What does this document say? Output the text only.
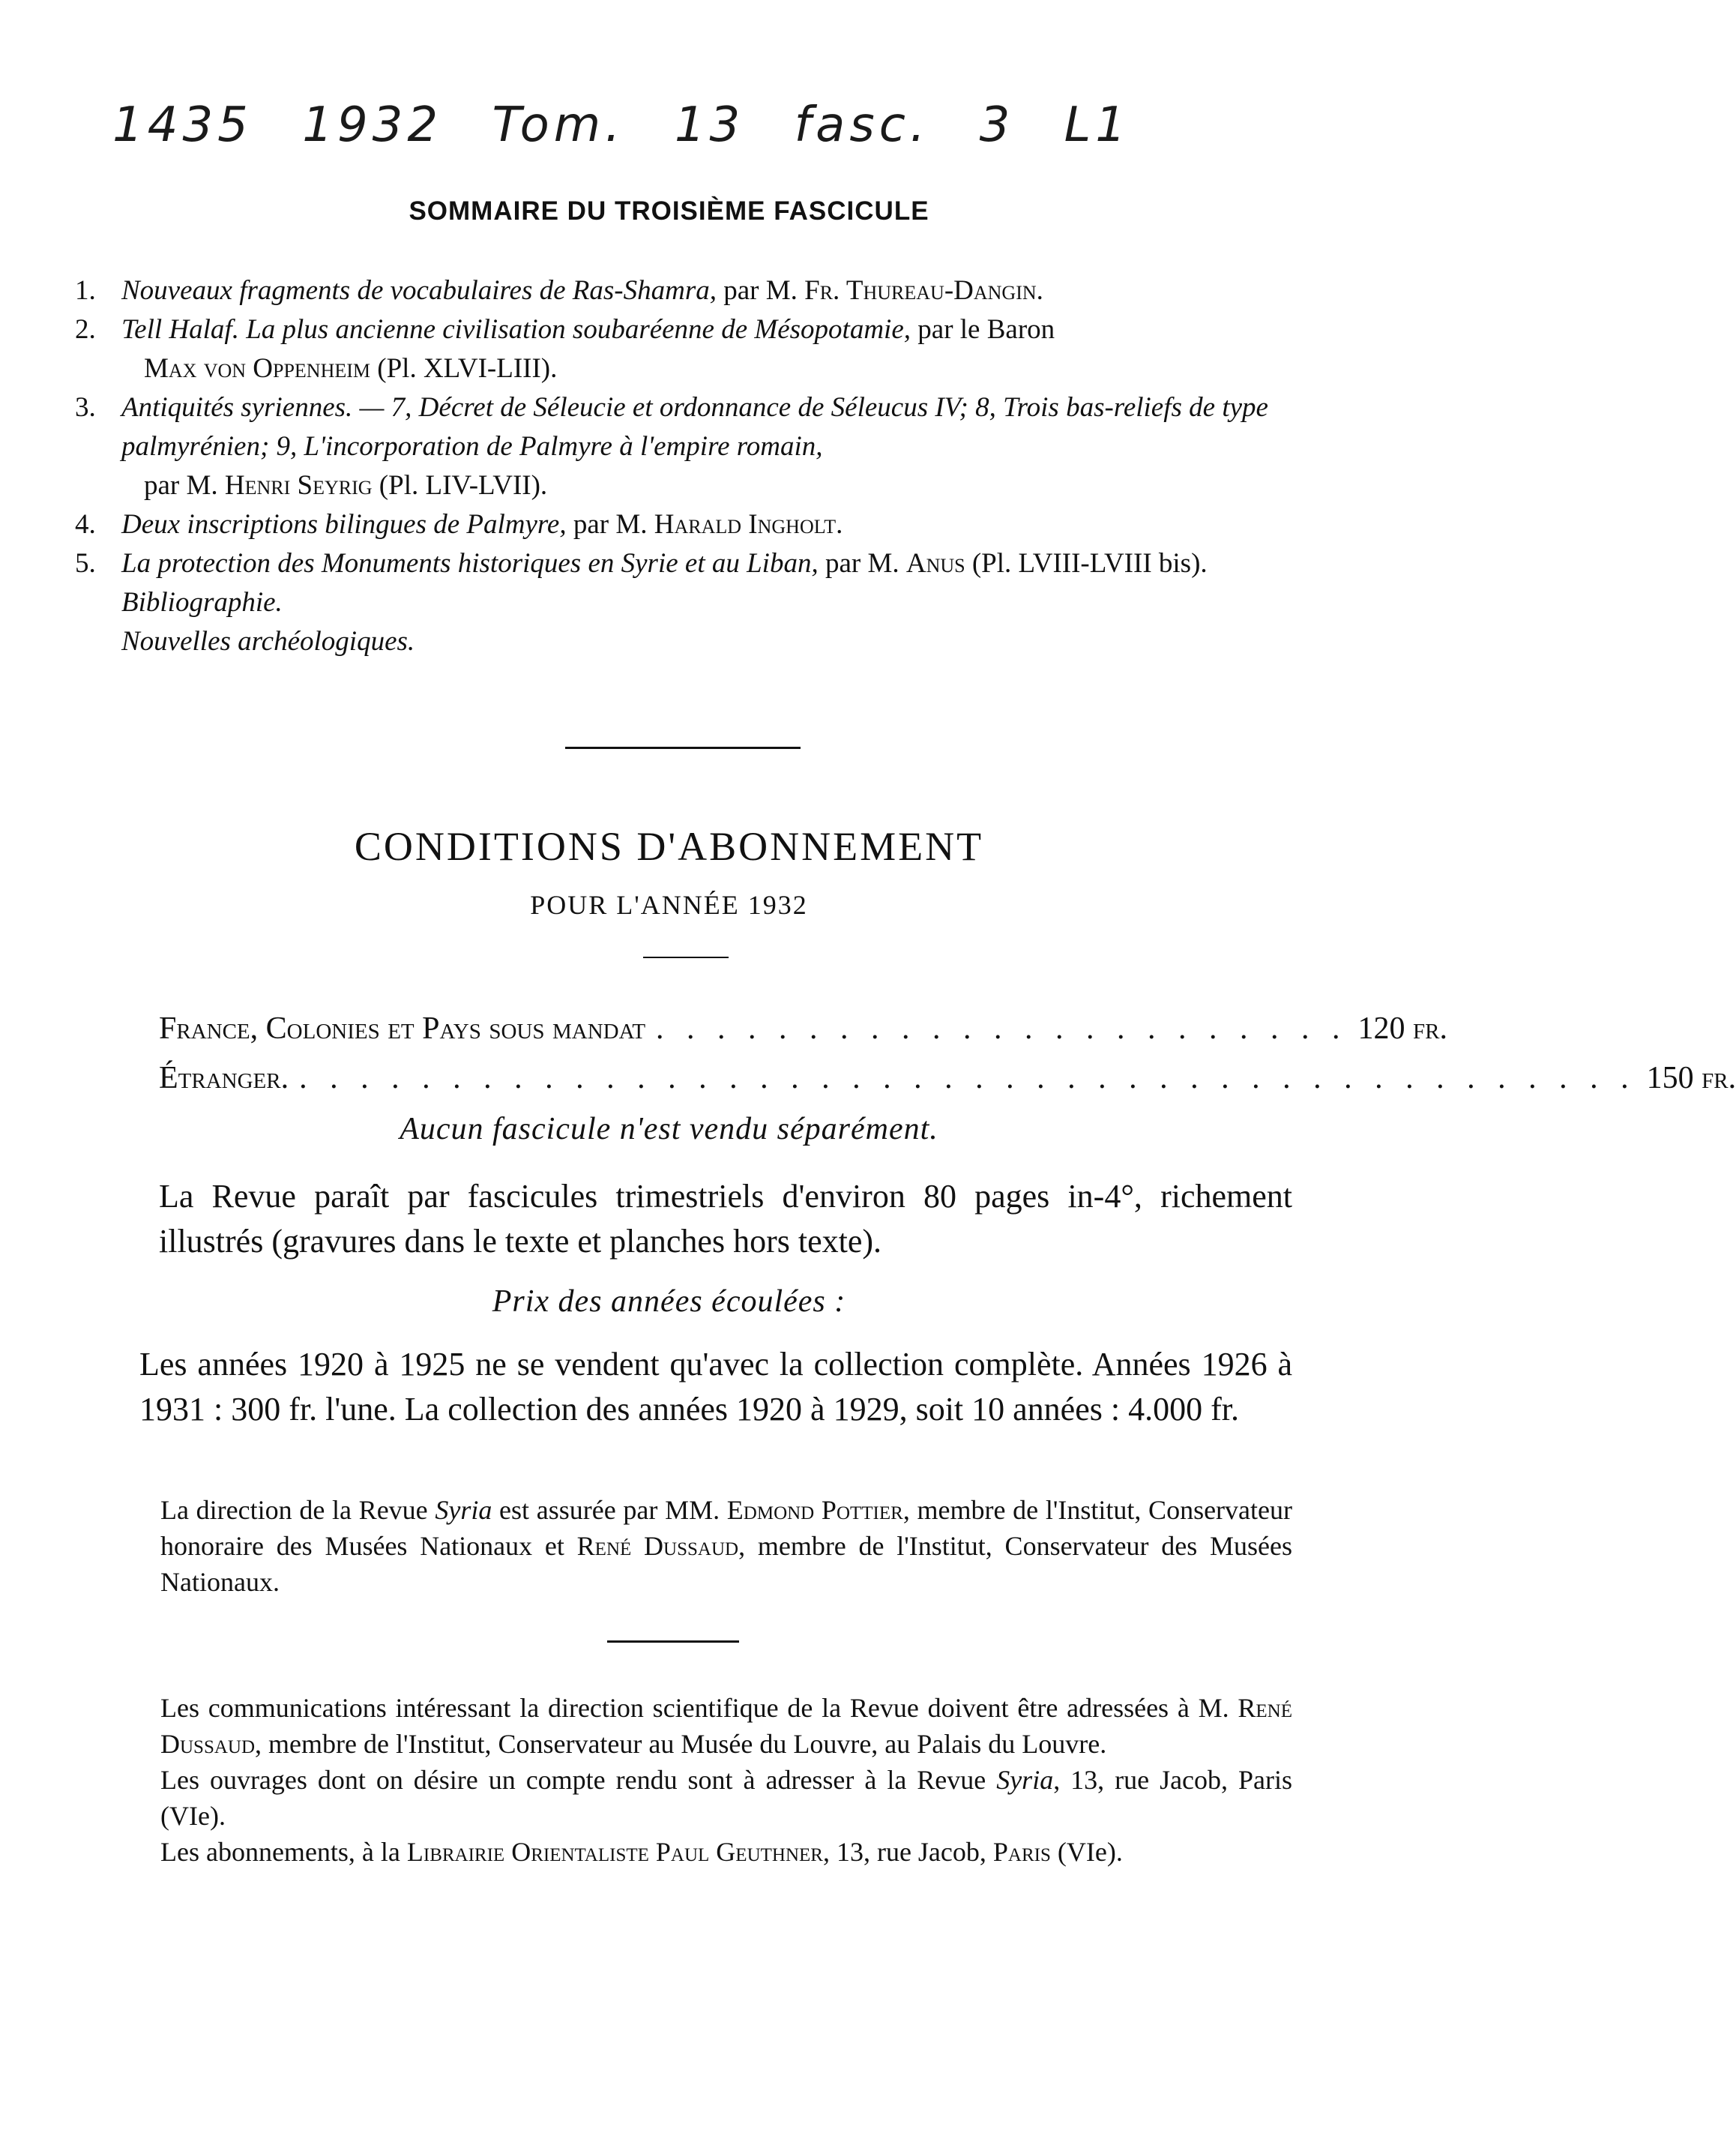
1435 1932 Tom. 13 fasc. 3 L1
SOMMAIRE DU TROISIÈME FASCICULE
1. Nouveaux fragments de vocabulaires de Ras-Shamra, par M. Fr. Thureau-Dangin.
2. Tell Halaf. La plus ancienne civilisation soubaréenne de Mésopotamie, par le Baron
Max von Oppenheim (Pl. XLVI-LIII).
3. Antiquités syriennes. — 7, Décret de Séleucie et ordonnance de Séleucus IV; 8, Trois bas-reliefs de type palmyrénien; 9, L'incorporation de Palmyre à l'empire romain,
par M. Henri Seyrig (Pl. LIV-LVII).
4. Deux inscriptions bilingues de Palmyre, par M. Harald Ingholt.
5. La protection des Monuments historiques en Syrie et au Liban, par M. Anus (Pl. LVIII-LVIII bis).
Bibliographie.
Nouvelles archéologiques.
CONDITIONS D'ABONNEMENT
POUR L'ANNÉE 1932
France, Colonies et Pays sous mandat . . . . . . . . . . . . . . . . . . . . . . . 120 fr.
Étranger. . . . . . . . . . . . . . . . . . . . . . . . . . . . . . . . . . . . . . . . . . . . . 150 fr.
Aucun fascicule n'est vendu séparément.
La Revue paraît par fascicules trimestriels d'environ 80 pages in-4°, richement illustrés (gravures dans le texte et planches hors texte).
Prix des années écoulées :
Les années 1920 à 1925 ne se vendent qu'avec la collection complète. Années 1926 à 1931 : 300 fr. l'une. La collection des années 1920 à 1929, soit 10 années : 4.000 fr.
La direction de la Revue Syria est assurée par MM. Edmond Pottier, membre de l'Institut, Conservateur honoraire des Musées Nationaux et René Dussaud, membre de l'Institut, Conservateur des Musées Nationaux.
Les communications intéressant la direction scientifique de la Revue doivent être adressées à M. René Dussaud, membre de l'Institut, Conservateur au Musée du Louvre, au Palais du Louvre.
Les ouvrages dont on désire un compte rendu sont à adresser à la Revue Syria, 13, rue Jacob, Paris (VIe).
Les abonnements, à la Librairie Orientaliste Paul Geuthner, 13, rue Jacob, Paris (VIe).
